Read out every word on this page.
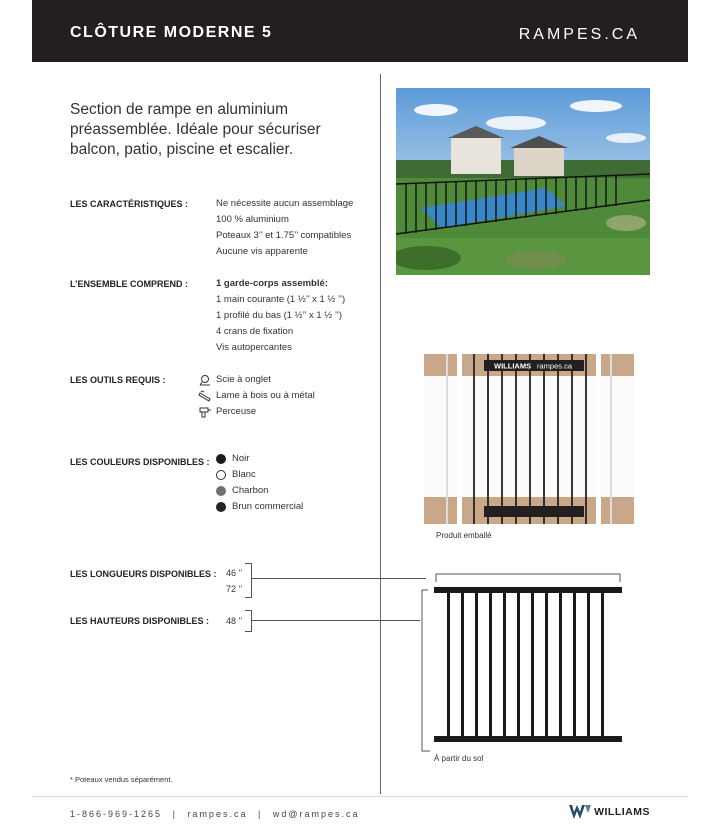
CLÔTURE MODERNE 5	RAMPES.CA
Section de rampe en aluminium préassemblée. Idéale pour sécuriser balcon, patio, piscine et escalier.
LES CARACTÉRISTIQUES :	Ne nécessite aucun assemblage
100 % aluminium
Poteaux 3’’ et 1.75’’ compatibles
Aucune vis apparente
L’ENSEMBLE COMPREND :	1 garde-corps assemblé:
1 main courante (1 ½’’ x 1 ½ ’’)
1 profilé du bas (1 ½’’ x 1 ½ ’’)
4 crans de fixation
Vis autopercantes
LES OUTILS REQUIS :	Scie à onglet
Lame à bois ou à métal
Perceuse
LES COULEURS DISPONIBLES : Noir
Blanc
Charbon
Brun commercial
WILLIAMS rampes.ca
Produit emballé
LES LONGUEURS DISPONIBLES : 46 ’’
72 ’’
LES HAUTEURS DISPONIBLES : 48 ’’
À partir du sol
* Poteaux vendus séparément.
1-866-969-1265 | rampes.ca | wd@rampes.ca	WILLIAMS
